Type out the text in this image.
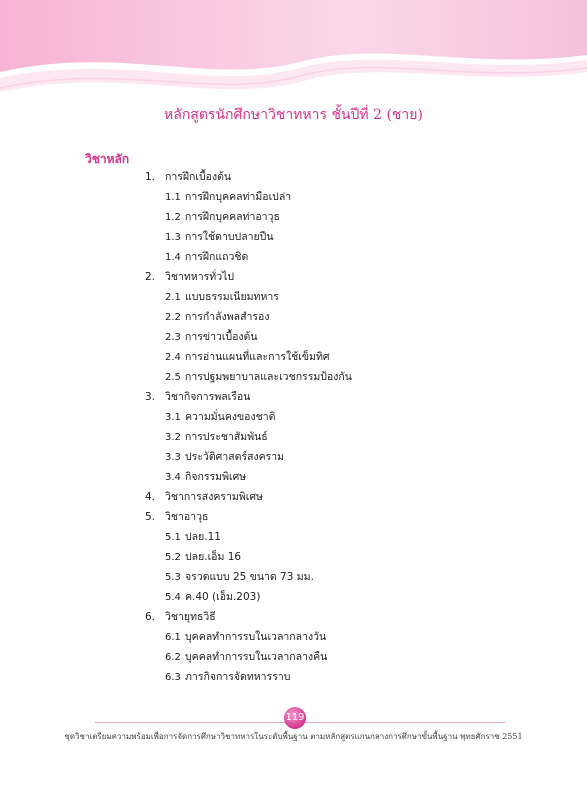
หลักสูตรนักศึกษาวิชาทหาร ชั้นปีที่ 2 (ชาย)
วิชาหลัก
1. การฝึกเบื้องต้น
1.1 การฝึกบุคคลท่ามือเปล่า
1.2 การฝึกบุคคลท่าอาวุธ
1.3 การใช้ดาบปลายปืน
1.4 การฝึกแถวชิด
2. วิชาทหารทั่วไป
2.1 แบบธรรมเนียมทหาร
2.2 การกำลังพลสำรอง
2.3 การข่าวเบื้องต้น
2.4 การอ่านแผนที่และการใช้เข็มทิศ
2.5 การปฐมพยาบาลและเวชกรรมป้องกัน
3. วิชากิจการพลเรือน
3.1 ความมั่นคงของชาติ
3.2 การประชาสัมพันธ์
3.3 ประวัติศาสตร์สงคราม
3.4 กิจกรรมพิเศษ
4. วิชาการสงครามพิเศษ
5. วิชาอาวุธ
5.1 ปลย.11
5.2 ปลย.เอ็ม 16
5.3 จรวดแบบ 25 ขนาด 73 มม.
5.4 ค.40 (เอ็ม.203)
6. วิชายุทธวิธี
6.1 บุคคลทำการรบในเวลากลางวัน
6.2 บุคคลทำการรบในเวลากลางคืน
6.3 ภารกิจการจัดทหารราบ
119
ชุดวิชาเตรียมความพร้อมเพื่อการจัดการศึกษาวิชาทหารในระดับพื้นฐาน ตามหลักสูตรแกนกลางการศึกษาขั้นพื้นฐาน พุทธศักราช 2551
